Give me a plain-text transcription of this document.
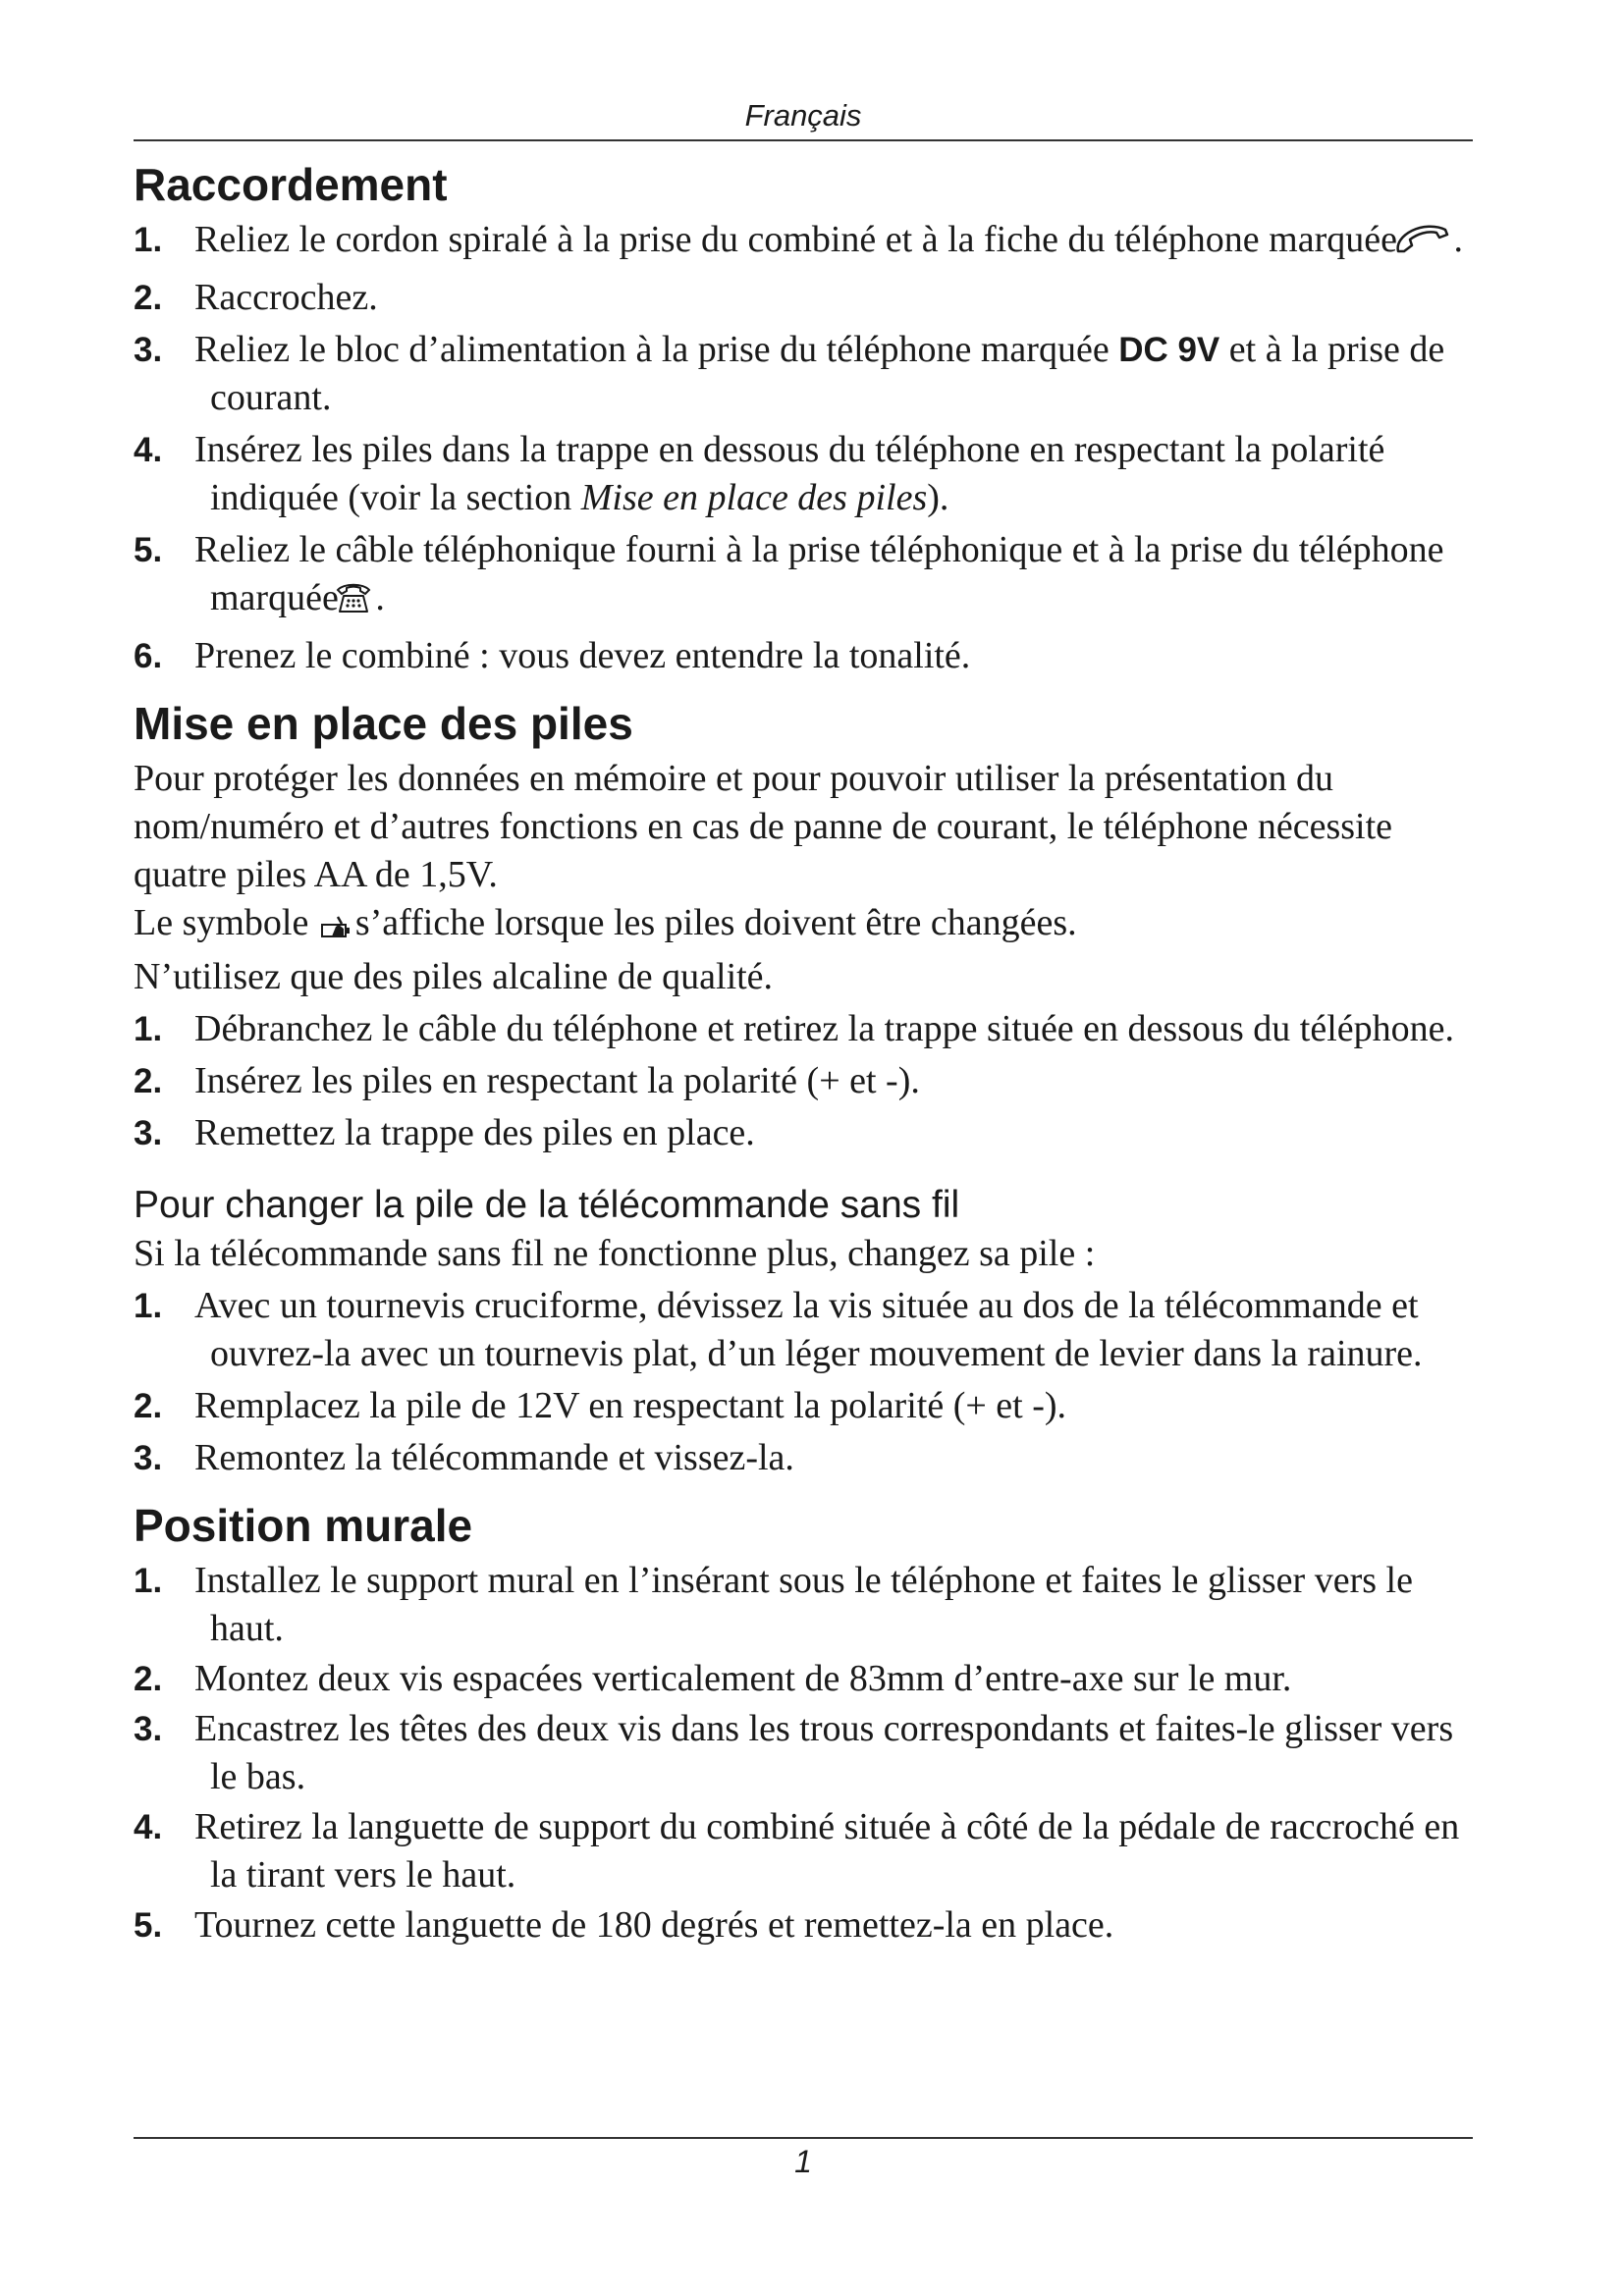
Français
Raccordement
1. Reliez le cordon spiralé à la prise du combiné et à la fiche du téléphone marquée .
2. Raccrochez.
3. Reliez le bloc d’alimentation à la prise du téléphone marquée DC 9V et à la prise de courant.
4. Insérez les piles dans la trappe en dessous du téléphone en respectant la polarité indiquée (voir la section Mise en place des piles).
5. Reliez le câble téléphonique fourni à la prise téléphonique et à la prise du téléphone marquée .
6. Prenez le combiné : vous devez entendre la tonalité.
Mise en place des piles

Pour protéger les données en mémoire et pour pouvoir utiliser la présentation du nom/numéro et d’autres fonctions en cas de panne de courant, le téléphone nécessite quatre piles AA de 1,5V.

Le symbole s’affiche lorsque les piles doivent être changées.

N’utilisez que des piles alcaline de qualité.

1. Débranchez le câble du téléphone et retirez la trappe située en dessous du téléphone.
2. Insérez les piles en respectant la polarité (+ et -).
3. Remettez la trappe des piles en place.
Pour changer la pile de la télécommande sans fil

Si la télécommande sans fil ne fonctionne plus, changez sa pile :

1. Avec un tournevis cruciforme, dévissez la vis située au dos de la télécommande et ouvrez-la avec un tournevis plat, d’un léger mouvement de levier dans la rainure.
2. Remplacez la pile de 12V en respectant la polarité (+ et -).
3. Remontez la télécommande et vissez-la.
Position murale
1. Installez le support mural en l’insérant sous le téléphone et faites le glisser vers le haut.
2. Montez deux vis espacées verticalement de 83mm d’entre-axe sur le mur.
3. Encastrez les têtes des deux vis dans les trous correspondants et faites-le glisser vers le bas.
4. Retirez la languette de support du combiné située à côté de la pédale de raccroché en la tirant vers le haut.
5. Tournez cette languette de 180 degrés et remettez-la en place.
1
